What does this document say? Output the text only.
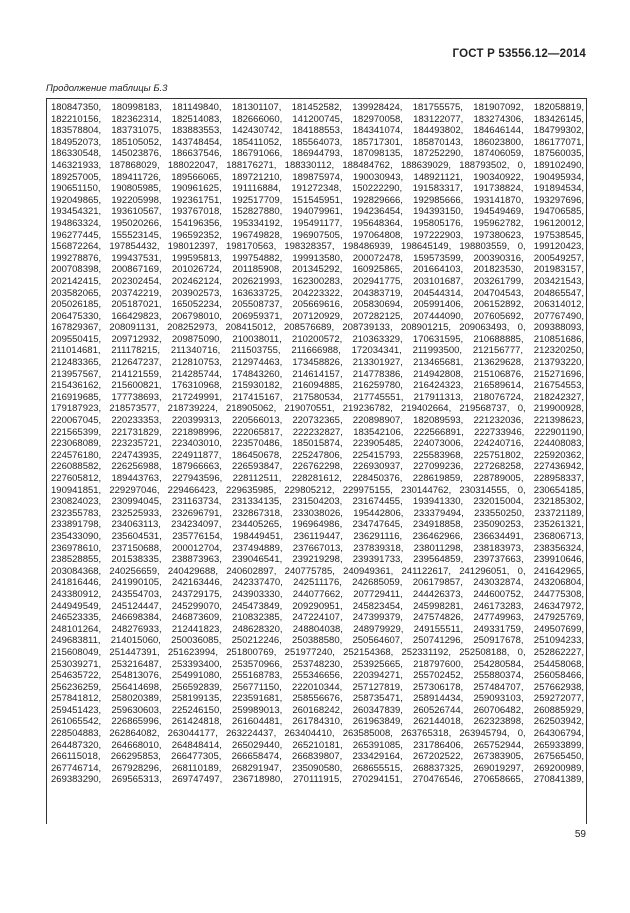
ГОСТ Р 53556.12—2014
Продолжение таблицы Б.3
180847350, 180998183, 181149840, 181301107, 181452582, 139928424, 181755575, 181907092, 182058819,
182210156, 182362314, 182514083, 182666060, 141200745, 182970058, 183122077, 183274306, 183426145,
183578804, 183731075, 183883553, 142430742, 184188553, 184341074, 184493802, 184646144, 184799302,
184952073, 185105052, 143748454, 185411052, 185564073, 185717301, 185870143, 186023800, 186177071,
186330548, 145023876, 186637546, 186791066, 186944793, 187098135, 187252290, 187406059, 187560035,
146321933, 187868029, 188022047, 188176271, 188330112, 188484762, 188639029, 188793502, 0, 189102490,
189257005, 189411726, 189566065, 189721210, 189875974, 190030943, 148921121, 190340922, 190495934,
190651150, 190805985, 190961625, 191116884, 191272348, 150222290, 191583317, 191738824, 191894534,
192049865, 192205998, 192361751, 192517709, 151545951, 192829666, 192985666, 193141870, 193297696,
193454321, 193610567, 193767018, 152827880, 194079961, 194236454, 194393150, 194549469, 194706585,
194863324, 195020266, 154196356, 195334192, 195491177, 195648364, 195805176, 195962782, 196120012,
196277445, 155523145, 196592352, 196749828, 196907505, 197064808, 197222903, 197380623, 197538545,
156872264, 197854432, 198012397, 198170563, 198328357, 198486939, 198645149, 198803559, 0, 199120423,
199278876, 199437531, 199595813, 199754882, 199913580, 200072478, 159573599, 200390316, 200549257,
200708398, 200867169, 201026724, 201185908, 201345292, 160925865, 201664103, 201823530, 201983157,
202142415, 202302454, 202462124, 202621993, 162300283, 202941775, 203101687, 203261799, 203421543,
203582065, 203742219, 203902573, 163633725, 204223322, 204383719, 204544314, 204704543, 204865547,
205026185, 205187021, 165052234, 205508737, 205669616, 205830694, 205991406, 206152892, 206314012,
206475330, 166429823, 206798010, 206959371, 207120929, 207282125, 207444090, 207605692, 207767490,
167829367, 208091131, 208252973, 208415012, 208576689, 208739133, 208901215, 209063493, 0, 209388093,
209550415, 209712932, 209875090, 210038011, 210200572, 210363329, 170631595, 210688885, 210851686,
211014681, 211178215, 211340716, 211503755, 211666988, 172034341, 211993500, 212156777, 212320250,
212483365, 212647237, 212810753, 212974463, 173458826, 213301927, 213465681, 213629628, 213793220,
213957567, 214121559, 214285744, 174843260, 214614157, 214778386, 214942808, 215106876, 215271696,
215436162, 215600821, 176310968, 215930182, 216094885, 216259780, 216424323, 216589614, 216754553,
216919685, 177738693, 217249991, 217415167, 217580534, 217745551, 217911313, 218076724, 218242327,
179187923, 218573577, 218739224, 218905062, 219070551, 219236782, 219402664, 219568737, 0, 219900928,
220067045, 220233353, 220399313, 220566013, 220732365, 220898907, 182089593, 221232036, 221398623,
221565399, 221731829, 221898996, 222065817, 222232827, 183542106, 222566891, 222733946, 222901190,
223068089, 223235721, 223403010, 223570486, 185015874, 223905485, 224073006, 224240716, 224408083,
224576180, 224743935, 224911877, 186450678, 225247806, 225415793, 225583968, 225751802, 225920362,
226088582, 226256988, 187966663, 226593847, 226762298, 226930937, 227099236, 227268258, 227436942,
227605812, 189443763, 227943596, 228112511, 228281612, 228450376, 228619859, 228789005, 228958337,
190941851, 229297046, 229466423, 229635985, 229805212, 229975155, 230144762, 230314555, 0, 230654185,
230824023, 230994045, 231163734, 231334135, 231504203, 231674455, 193941330, 232015004, 232185302,
232355783, 232525933, 232696791, 232867318, 233038026, 195442806, 233379494, 233550250, 233721189,
233891798, 234063113, 234234097, 234405265, 196964986, 234747645, 234918858, 235090253, 235261321,
235433090, 235604531, 235776154, 198449451, 236119447, 236291116, 236462966, 236634491, 236806713,
236978610, 237150688, 200012704, 237494889, 237667013, 237839318, 238011298, 238183973, 238356324,
238528855, 201538335, 238873963, 239046541, 239219298, 239391733, 239564859, 239737663, 239910646,
203084368, 240256659, 240429688, 240602897, 240775785, 240949361, 241122617, 241296051, 0, 241642965,
241816446, 241990105, 242163446, 242337470, 242511176, 242685059, 206179857, 243032874, 243206804,
243380912, 243554703, 243729175, 243903330, 244077662, 207729411, 244426373, 244600752, 244775308,
244949549, 245124447, 245299070, 245473849, 209290951, 245823454, 245998281, 246173283, 246347972,
246523335, 246698384, 246873609, 210832385, 247224107, 247399379, 247574826, 247749963, 247925769,
248101264, 248276933, 212441823, 248628320, 248804038, 248979929, 249155511, 249331759, 249507699,
249683811, 214015060, 250036085, 250212246, 250388580, 250564607, 250741296, 250917678, 251094233,
215608049, 251447391, 251623994, 251800769, 251977240, 252154368, 252331192, 252508188, 0, 252862227,
253039271, 253216487, 253393400, 253570966, 253748230, 253925665, 218797600, 254280584, 254458068,
254635722, 254813076, 254991080, 255168783, 255346656, 220394271, 255702452, 255880374, 256058466,
256236259, 256414698, 256592839, 256771150, 222010344, 257127819, 257306178, 257484707, 257662938,
257841812, 258020389, 258199135, 223591681, 258556676, 258735471, 258914434, 259093103, 259272077,
259451423, 259630603, 225246150, 259989013, 260168242, 260347839, 260526744, 260706482, 260885929,
261065542, 226865996, 261424818, 261604481, 261784310, 261963849, 262144018, 262323898, 262503942,
228504883, 262864082, 263044177, 263224437, 263404410, 263585008, 263765318, 263945794, 0, 264306794,
264487320, 264668010, 264848414, 265029440, 265210181, 265391085, 231786406, 265752944, 265933899,
266115018, 266295853, 266477305, 266658474, 266839807, 233429164, 267202522, 267383905, 267565450,
267746714, 267928296, 268110189, 268291947, 235090580, 268655515, 268837325, 269019297, 269200989,
269383290, 269565313, 269747497, 236718980, 270111915, 270294151, 270476546, 270658665, 270841389,
59
